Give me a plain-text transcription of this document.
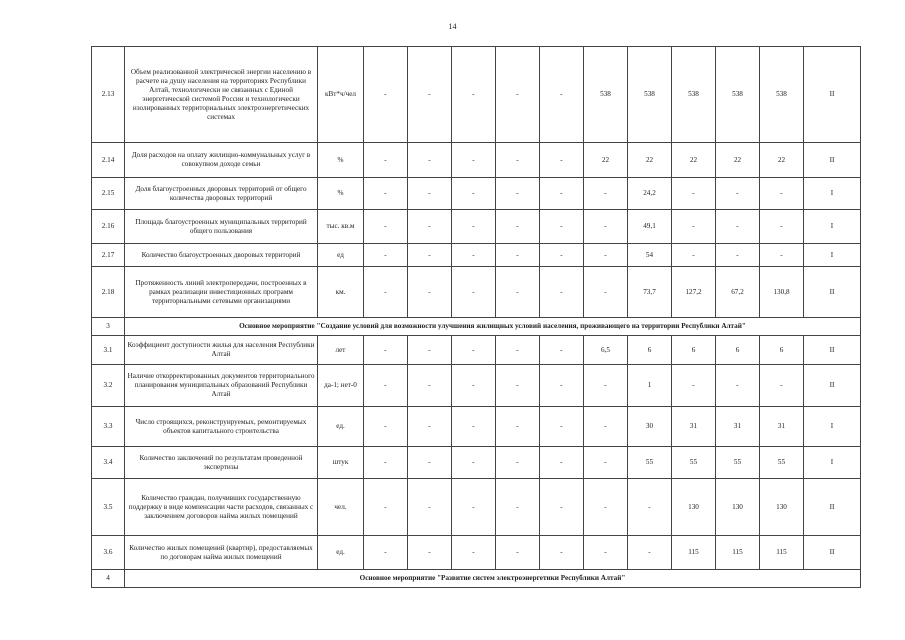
14
2.13	Объем реализованной электрической энергии населению в расчете на душу населения на территориях Республики Алтай, технологически не связанных с Единой энергетической системой России и технологически изолированных территориальных электроэнергетических системах	кВт*ч/чел	-	-	-	-	-	538	538	538	538	538	II
2.14	Доля расходов на оплату жилищно-коммунальных услуг в совокупном доходе семьи	%	-	-	-	-	-	22	22	22	22	22	II
2.15	Доля благоустроенных дворовых территорий от общего количества дворовых территорий	%	-	-	-	-	-	-	24,2	-	-	-	I
2.16	Площадь благоустроенных муниципальных территорий общего пользования	тыс. кв.м	-	-	-	-	-	-	49,1	-	-	-	I
2.17	Количество благоустроенных дворовых территорий	ед	-	-	-	-	-	-	54	-	-	-	I
2.18	Протяженность линий электропередачи, построенных в рамках реализации инвестиционных программ территориальными сетевыми организациями	км.	-	-	-	-	-	-	73,7	127,2	67,2	130,8	II
3	Основное мероприятие "Создание условий для возможности улучшения жилищных условий населения, проживающего на территории Республики Алтай"												
3.1	Коэффициент доступности жилья для населения Республики Алтай	лет	-	-	-	-	-	6,5	6	6	6	6	II
3.2	Наличие откорректированных документов территориального планирования муниципальных образований Республики Алтай	да-1; нет-0	-	-	-	-	-	-	1	-	-	-	II
3.3	Число строящихся, реконструируемых, ремонтируемых объектов капитального строительства	ед.	-	-	-	-	-	-	30	31	31	31	I
3.4	Количество заключений по результатам проведенной экспертизы	штук	-	-	-	-	-	-	55	55	55	55	I
3.5	Количество граждан, получивших государственную поддержку в виде компенсации части расходов, связанных с заключением договоров найма жилых помещений	чел.	-	-	-	-	-	-	-	130	130	130	II
3.6	Количество жилых помещений (квартир), предоставляемых по договорам найма жилых помещений	ед.	-	-	-	-	-	-	-	115	115	115	II
4	Основное мероприятие "Развитие систем электроэнергетики Республики Алтай"												
